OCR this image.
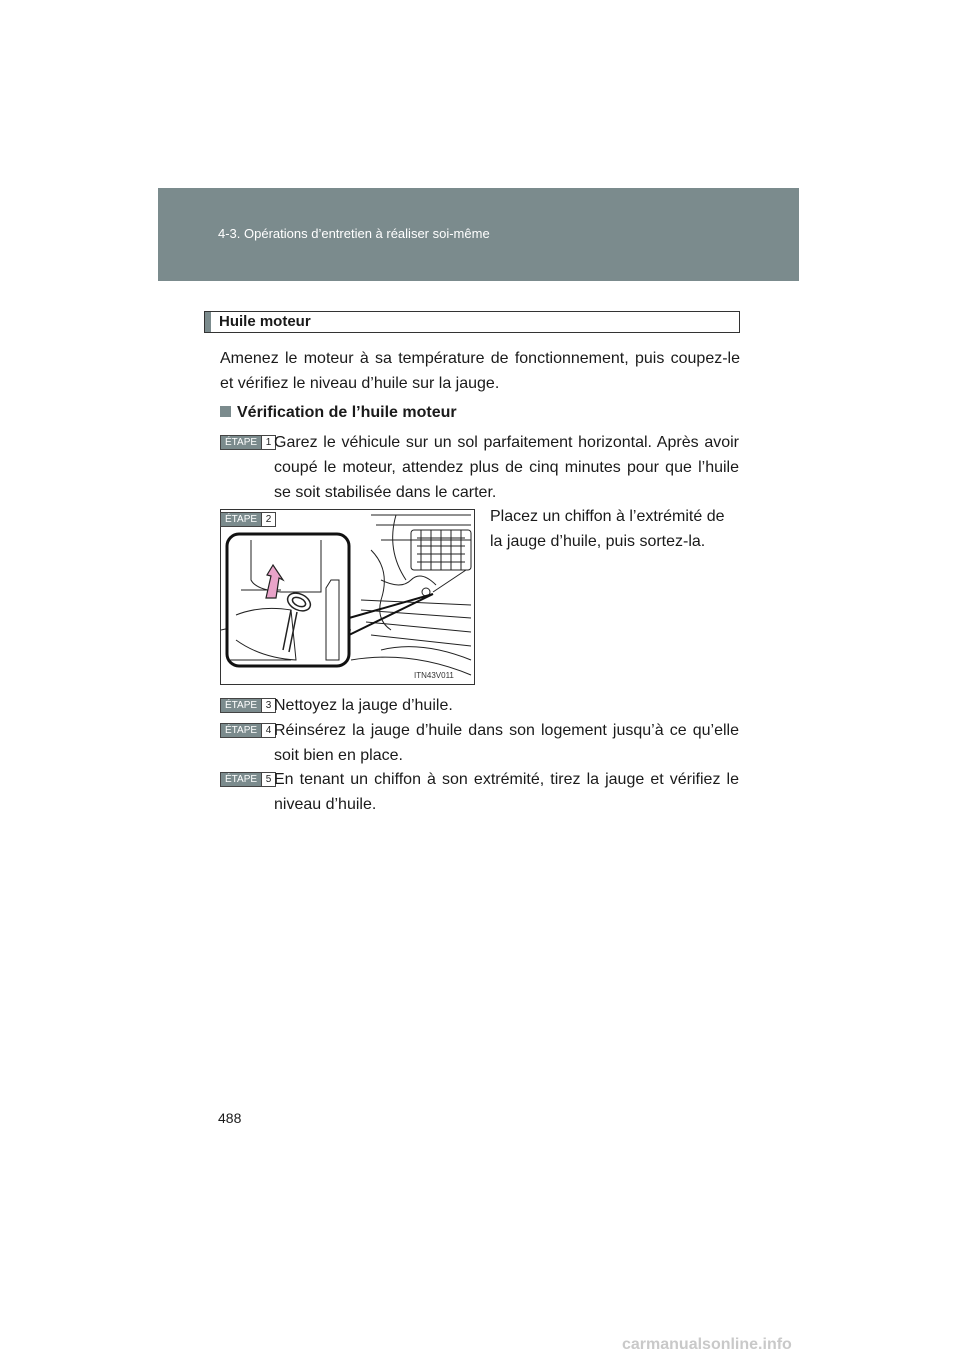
4-3. Opérations d’entretien à réaliser soi-même
Huile moteur
Amenez le moteur à sa température de fonctionnement, puis coupez-le et vérifiez le niveau d’huile sur la jauge.
Vérification de l’huile moteur
ÉTAPE 1 Garez le véhicule sur un sol parfaitement horizontal. Après avoir coupé le moteur, attendez plus de cinq minutes pour que l’huile se soit stabilisée dans le carter.
ÉTAPE 2
ITN43V011
Placez un chiffon à l’extrémité de la jauge d’huile, puis sortez-la.
ÉTAPE 3 Nettoyez la jauge d’huile.
ÉTAPE 4 Réinsérez la jauge d’huile dans son logement jusqu’à ce qu’elle soit bien en place.
ÉTAPE 5 En tenant un chiffon à son extrémité, tirez la jauge et vérifiez le niveau d’huile.
488
carmanualsonline.info
